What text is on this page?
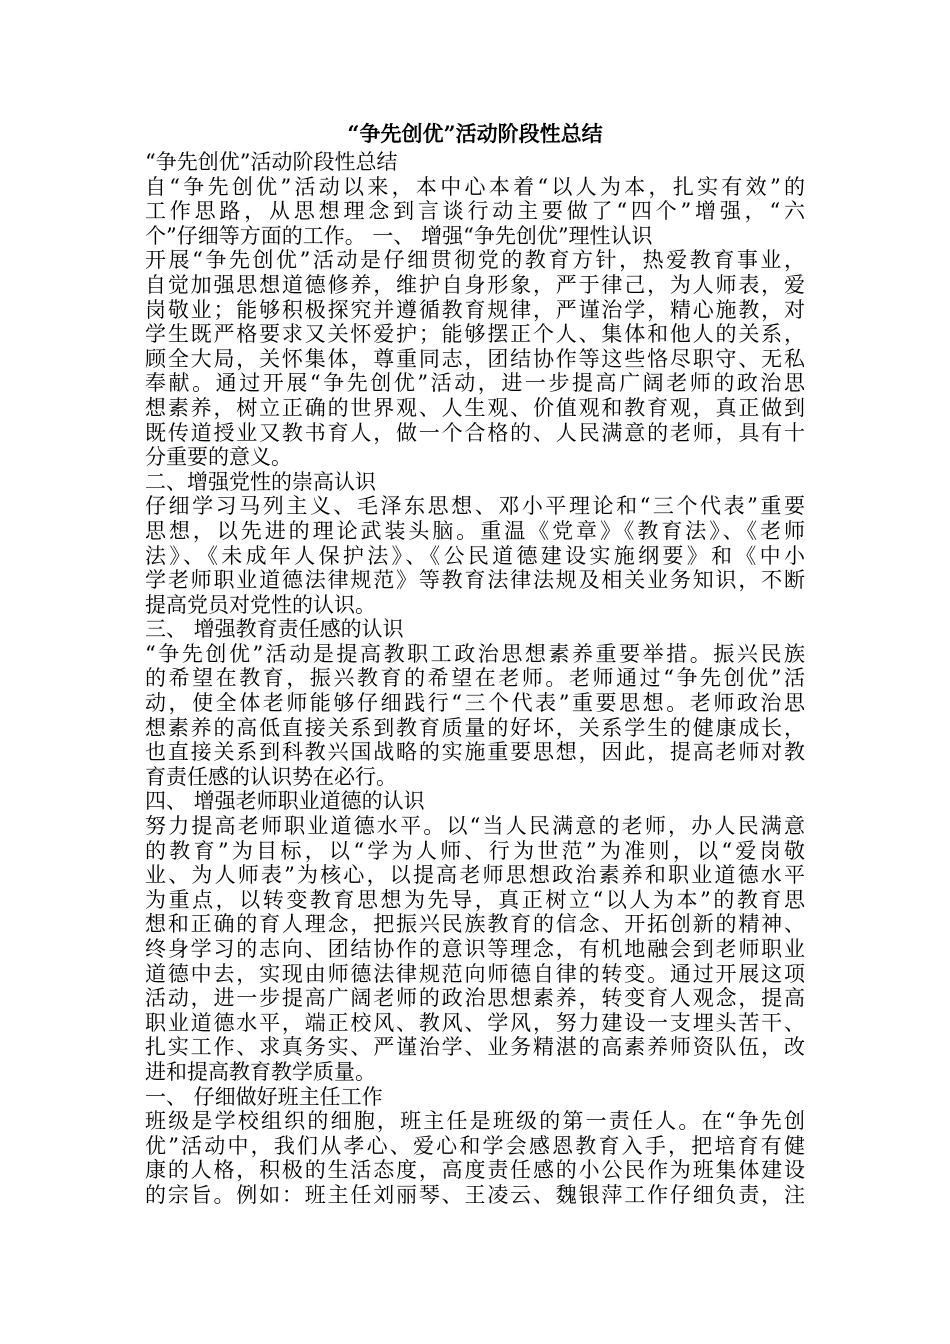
“争先创优”活动阶段性总结
“争先创优”活动阶段性总结
自“争先创优”活动以来，本中心本着“以人为本，扎实有效”的
工作思路，从思想理念到言谈行动主要做了“四个”增强，“六
个”仔细等方面的工作。 一、 增强“争先创优”理性认识
开展“争先创优”活动是仔细贯彻党的教育方针，热爱教育事业，
自觉加强思想道德修养，维护自身形象，严于律己，为人师表，爱
岗敬业；能够积极探究并遵循教育规律，严谨治学，精心施教，对
学生既严格要求又关怀爱护；能够摆正个人、集体和他人的关系，
顾全大局，关怀集体，尊重同志，团结协作等这些恪尽职守、无私
奉献。通过开展“争先创优”活动，进一步提高广阔老师的政治思
想素养，树立正确的世界观、人生观、价值观和教育观，真正做到
既传道授业又教书育人，做一个合格的、人民满意的老师，具有十
分重要的意义。
二、增强党性的崇高认识
仔细学习马列主义、毛泽东思想、邓小平理论和“三个代表”重要
思想，以先进的理论武装头脑。重温《党章》《教育法》、《老师
法》、《未成年人保护法》、《公民道德建设实施纲要》和《中小
学老师职业道德法律规范》等教育法律法规及相关业务知识，不断
提高党员对党性的认识。
三、 增强教育责任感的认识
“争先创优”活动是提高教职工政治思想素养重要举措。振兴民族
的希望在教育，振兴教育的希望在老师。老师通过“争先创优”活
动，使全体老师能够仔细践行“三个代表”重要思想。老师政治思
想素养的高低直接关系到教育质量的好坏，关系学生的健康成长，
也直接关系到科教兴国战略的实施重要思想，因此，提高老师对教
育责任感的认识势在必行。
四、 增强老师职业道德的认识
努力提高老师职业道德水平。以“当人民满意的老师，办人民满意
的教育”为目标，以“学为人师、行为世范”为准则，以“爱岗敬
业、为人师表”为核心，以提高老师思想政治素养和职业道德水平
为重点，以转变教育思想为先导，真正树立“以人为本”的教育思
想和正确的育人理念，把振兴民族教育的信念、开拓创新的精神、
终身学习的志向、团结协作的意识等理念，有机地融会到老师职业
道德中去，实现由师德法律规范向师德自律的转变。通过开展这项
活动，进一步提高广阔老师的政治思想素养，转变育人观念，提高
职业道德水平，端正校风、教风、学风，努力建设一支埋头苦干、
扎实工作、求真务实、严谨治学、业务精湛的高素养师资队伍，改
进和提高教育教学质量。
一、 仔细做好班主任工作
班级是学校组织的细胞，班主任是班级的第一责任人。在“争先创
优”活动中，我们从孝心、爱心和学会感恩教育入手，把培育有健
康的人格，积极的生活态度，高度责任感的小公民作为班集体建设
的宗旨。例如：班主任刘丽琴、王凌云、魏银萍工作仔细负责，注
